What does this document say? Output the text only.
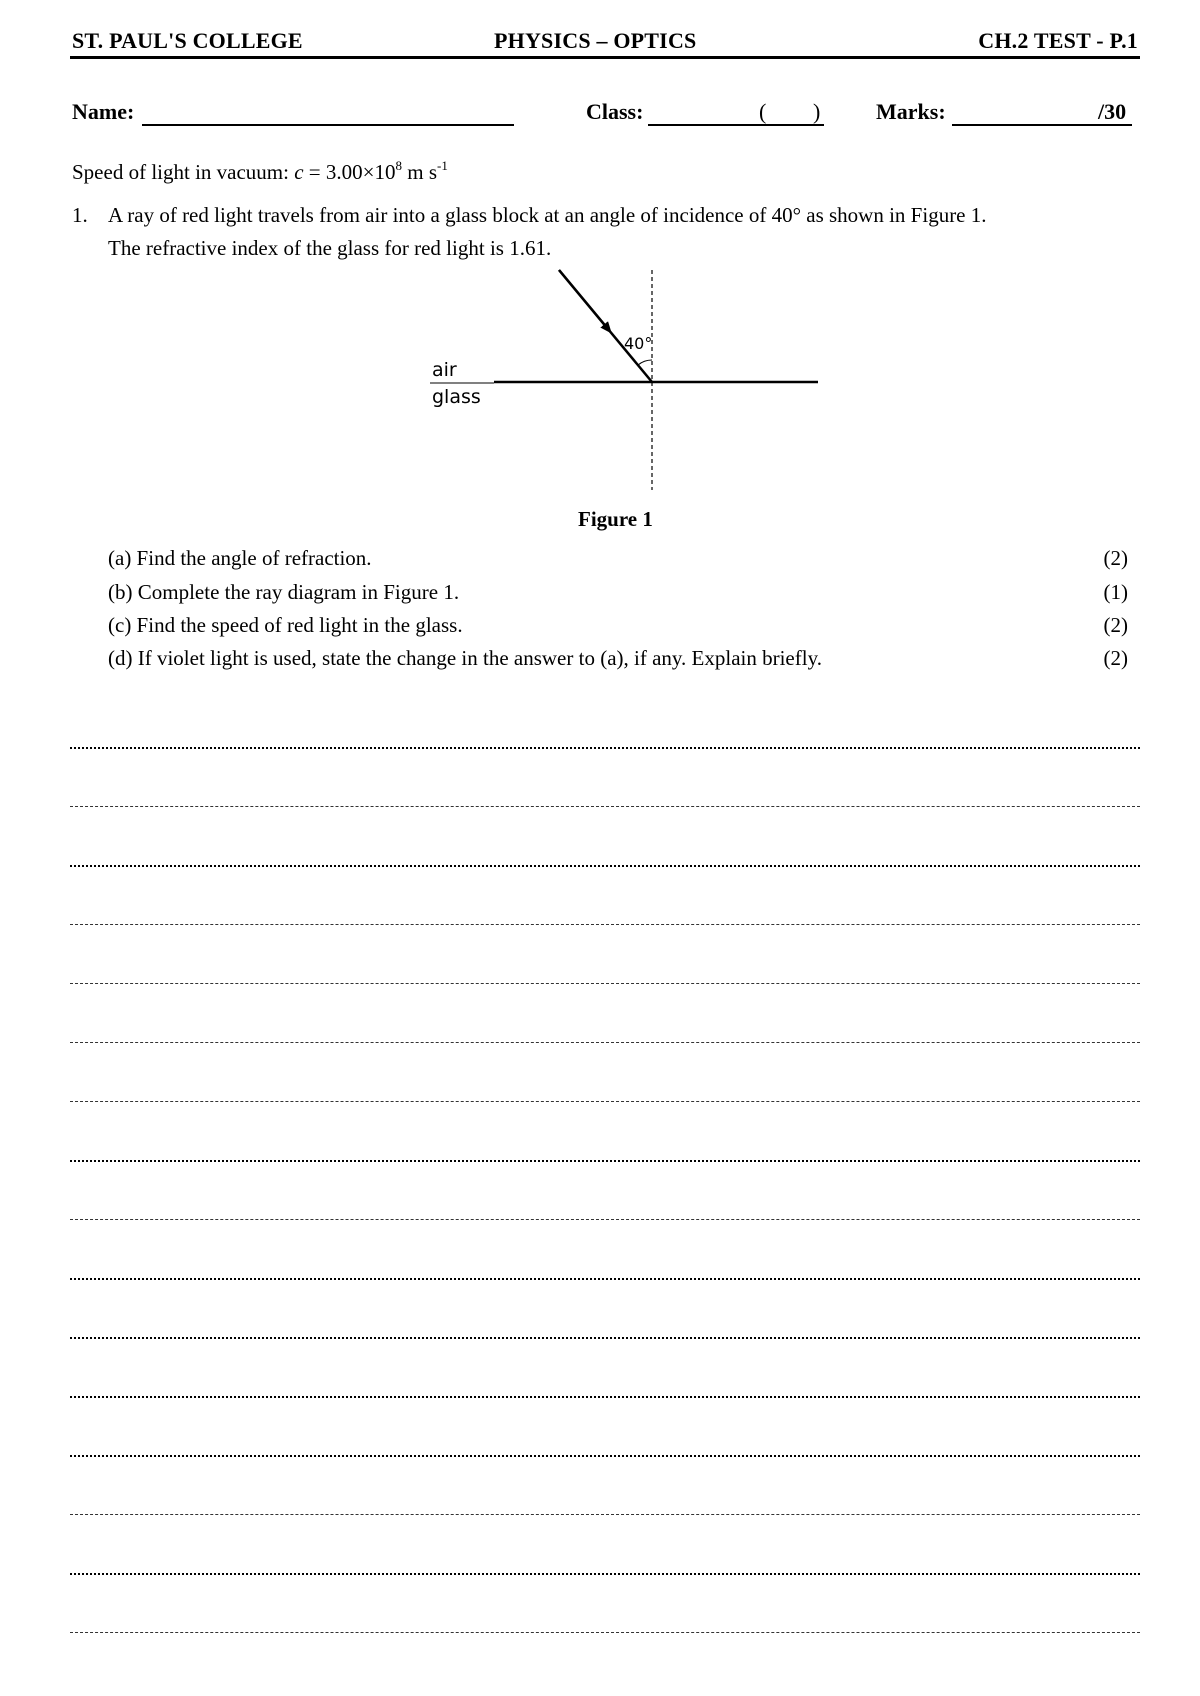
ST. PAUL'S COLLEGE	PHYSICS – OPTICS	CH.2 TEST - P.1
Name:	Class:	( )	Marks:	/30
Speed of light in vacuum: $c = 3.00\times 10^8$ m $s^{-1}$
1. A ray of red light travels from air into a glass block at an angle of incidence of 40° as shown in Figure 1.
The refractive index of the glass for red light is 1.61.
40°
air
glass
Figure 1
(a) Find the angle of refraction.	(2)
(b) Complete the ray diagram in Figure 1.	(1)
(c) Find the speed of red light in the glass.	(2)
(d) If violet light is used, state the change in the answer to (a), if any. Explain briefly.	(2)
